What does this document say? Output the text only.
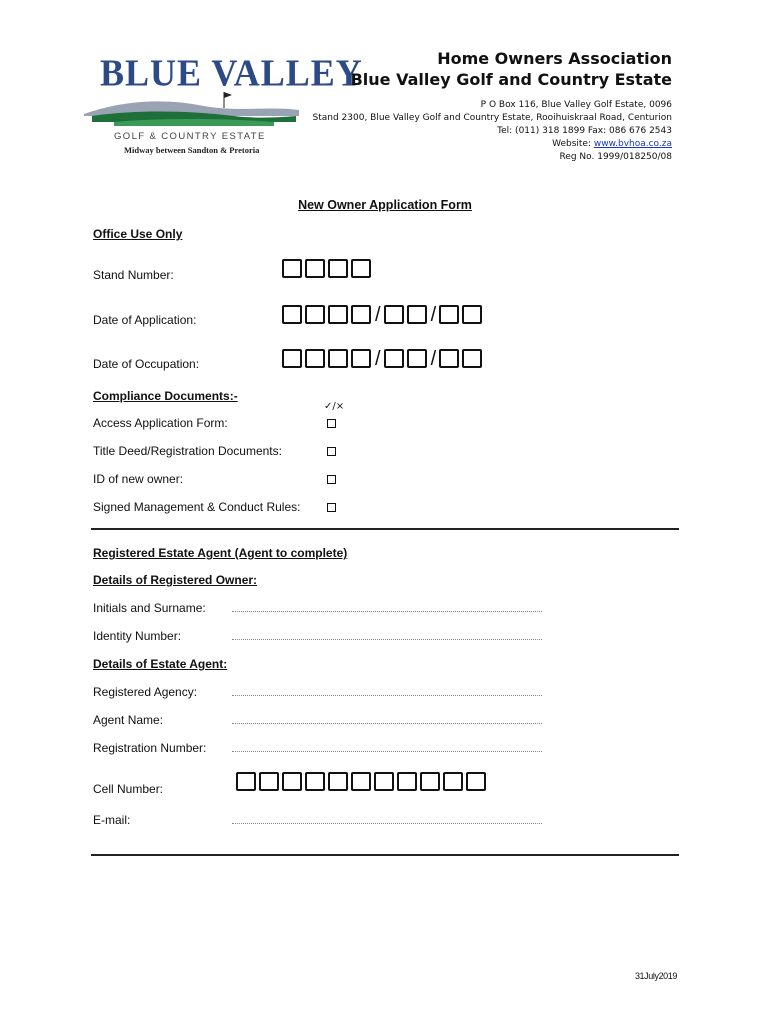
BLUE VALLEY
GOLF & COUNTRY ESTATE
Midway between Sandton & Pretoria
Home Owners Association
Blue Valley Golf and Country Estate
P O Box 116, Blue Valley Golf Estate, 0096
Stand 2300, Blue Valley Golf and Country Estate, Rooihuiskraal Road, Centurion
Tel: (011) 318 1899 Fax: 086 676 2543
Website: www.bvhoa.co.za
Reg No. 1999/018250/08
New Owner Application Form
Office Use Only
Stand Number:
Date of Application:	/	/
Date of Occupation:	/	/
Compliance Documents:-
✓/×
Access Application Form:
Title Deed/Registration Documents:
ID of new owner:
Signed Management & Conduct Rules:
Registered Estate Agent (Agent to complete)
Details of Registered Owner:
Initials and Surname:
Identity Number:
Details of Estate Agent:
Registered Agency:
Agent Name:
Registration Number:
Cell Number:
E-mail:
31July2019
